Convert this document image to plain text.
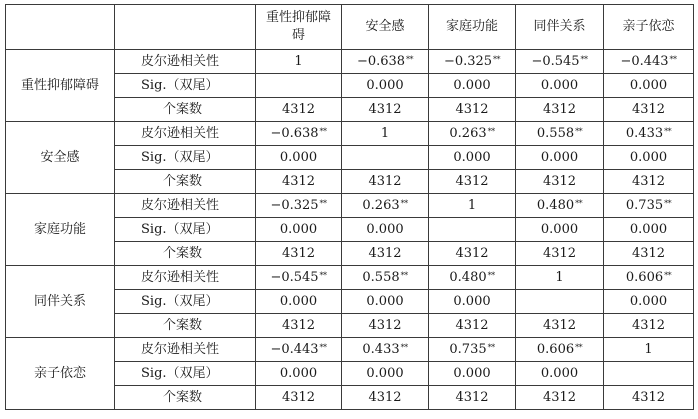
		重性抑郁障碍	安全感	家庭功能	同伴关系	亲子依恋
重性抑郁障碍	皮尔逊相关性	1	−0.638**	−0.325**	−0.545**	−0.443**
	Sig.（双尾）		0.000	0.000	0.000	0.000
	个案数	4312	4312	4312	4312	4312
安全感	皮尔逊相关性	−0.638**	1	0.263**	0.558**	0.433**
	Sig.（双尾）	0.000		0.000	0.000	0.000
	个案数	4312	4312	4312	4312	4312
家庭功能	皮尔逊相关性	−0.325**	0.263**	1	0.480**	0.735**
	Sig.（双尾）	0.000	0.000		0.000	0.000
	个案数	4312	4312	4312	4312	4312
同伴关系	皮尔逊相关性	−0.545**	0.558**	0.480**	1	0.606**
	Sig.（双尾）	0.000	0.000	0.000		0.000
	个案数	4312	4312	4312	4312	4312
亲子依恋	皮尔逊相关性	−0.443**	0.433**	0.735**	0.606**	1
	Sig.（双尾）	0.000	0.000	0.000	0.000	
	个案数	4312	4312	4312	4312	4312
